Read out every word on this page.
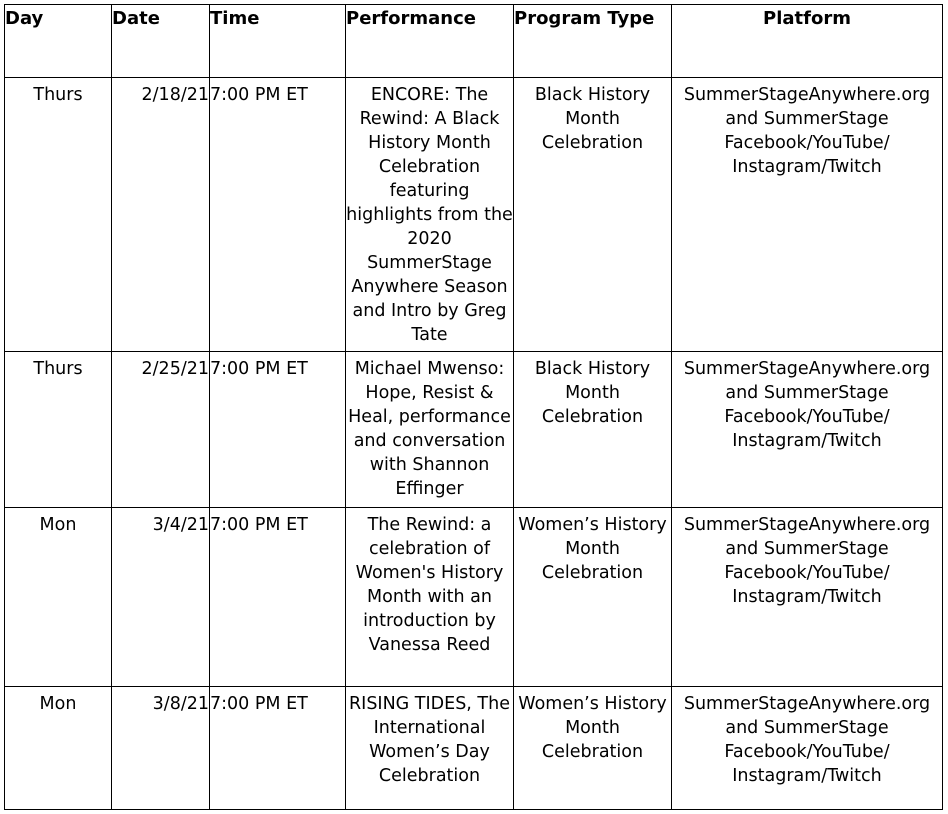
Day	Date	Time	Performance	Program Type	Platform
Thurs	2/18/21	7:00 PM ET	ENCORE: The Rewind: A Black History Month Celebration featuring highlights from the 2020 SummerStage Anywhere Season and Intro by Greg Tate	Black History Month Celebration	SummerStageAnywhere.org and SummerStage Facebook/YouTube/ Instagram/Twitch
Thurs	2/25/21	7:00 PM ET	Michael Mwenso: Hope, Resist & Heal, performance and conversation with Shannon Effinger	Black History Month Celebration	SummerStageAnywhere.org and SummerStage Facebook/YouTube/ Instagram/Twitch
Mon	3/4/21	7:00 PM ET	The Rewind: a celebration of Women's History Month with an introduction by Vanessa Reed	Women’s History Month Celebration	SummerStageAnywhere.org and SummerStage Facebook/YouTube/ Instagram/Twitch
Mon	3/8/21	7:00 PM ET	RISING TIDES, The International Women’s Day Celebration	Women’s History Month Celebration	SummerStageAnywhere.org and SummerStage Facebook/YouTube/ Instagram/Twitch
